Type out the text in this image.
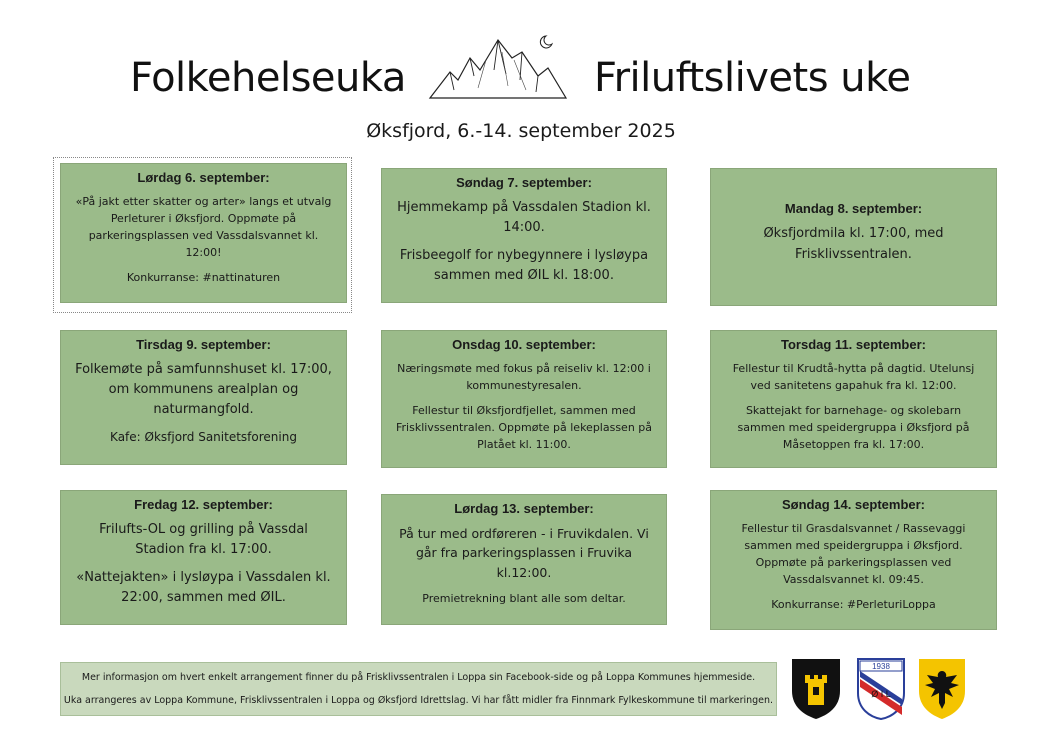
Folkehelseuka	Friluftslivets uke
Øksfjord, 6.-14. september 2025
Lørdag 6. september:

«På jakt etter skatter og arter» langs et utvalg Perleturer i Øksfjord. Oppmøte på parkeringsplassen ved Vassdalsvannet kl. 12:00!

Konkurranse: #nattinaturen

Søndag 7. september:

Hjemmekamp på Vassdalen Stadion kl. 14:00.

Frisbeegolf for nybegynnere i lysløypa sammen med ØIL kl. 18:00.

Mandag 8. september:

Øksfjordmila kl. 17:00, med Frisklivssentralen.

Tirsdag 9. september:

Folkemøte på samfunnshuset kl. 17:00, om kommunens arealplan og naturmangfold.

Kafe: Øksfjord Sanitetsforening

Onsdag 10. september:

Næringsmøte med fokus på reiseliv kl. 12:00 i kommunestyresalen.

Fellestur til Øksfjordfjellet, sammen med Frisklivssentralen. Oppmøte på lekeplassen på Platået kl. 11:00.

Torsdag 11. september:

Fellestur til Krudtå-hytta på dagtid. Utelunsj ved sanitetens gapahuk fra kl. 12:00.

Skattejakt for barnehage- og skolebarn sammen med speidergruppa i Øksfjord på Måsetoppen fra kl. 17:00.

Fredag 12. september:

Frilufts-OL og grilling på Vassdal Stadion fra kl. 17:00.

«Nattejakten» i lysløypa i Vassdalen kl. 22:00, sammen med ØIL.

Lørdag 13. september:

På tur med ordføreren - i Fruvikdalen. Vi går fra parkeringsplassen i Fruvika kl.12:00.

Premietrekning blant alle som deltar.

Søndag 14. september:

Fellestur til Grasdalsvannet / Rassevaggi sammen med speidergruppa i Øksfjord. Oppmøte på parkeringsplassen ved Vassdalsvannet kl. 09:45.

Konkurranse: #PerleturiLoppa

Mer informasjon om hvert enkelt arrangement finner du på Frisklivssentralen i Loppa sin Facebook-side og på Loppa Kommunes hjemmeside.
Uka arrangeres av Loppa Kommune, Frisklivssentralen i Loppa og Øksfjord Idrettslag. Vi har fått midler fra Finnmark Fylkeskommune til markeringen.
1938
Ø I L
